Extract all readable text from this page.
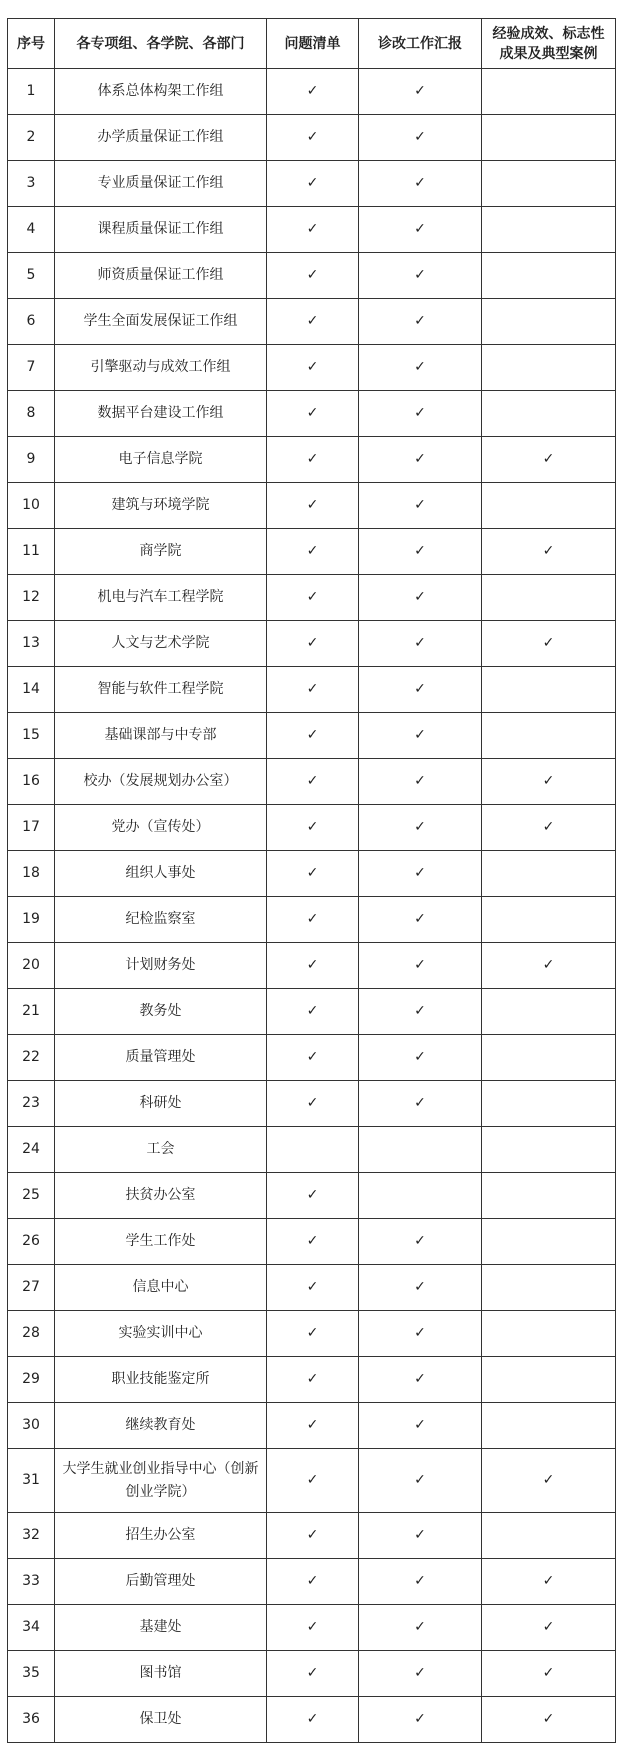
序号	各专项组、各学院、各部门	问题清单	诊改工作汇报	经验成效、标志性成果及典型案例
1	体系总体构架工作组	✓	✓	
2	办学质量保证工作组	✓	✓	
3	专业质量保证工作组	✓	✓	
4	课程质量保证工作组	✓	✓	
5	师资质量保证工作组	✓	✓	
6	学生全面发展保证工作组	✓	✓	
7	引擎驱动与成效工作组	✓	✓	
8	数据平台建设工作组	✓	✓	
9	电子信息学院	✓	✓	✓
10	建筑与环境学院	✓	✓	
11	商学院	✓	✓	✓
12	机电与汽车工程学院	✓	✓	
13	人文与艺术学院	✓	✓	✓
14	智能与软件工程学院	✓	✓	
15	基础课部与中专部	✓	✓	
16	校办（发展规划办公室）	✓	✓	✓
17	党办（宣传处）	✓	✓	✓
18	组织人事处	✓	✓	
19	纪检监察室	✓	✓	
20	计划财务处	✓	✓	✓
21	教务处	✓	✓	
22	质量管理处	✓	✓	
23	科研处	✓	✓	
24	工会			
25	扶贫办公室	✓		
26	学生工作处	✓	✓	
27	信息中心	✓	✓	
28	实验实训中心	✓	✓	
29	职业技能鉴定所	✓	✓	
30	继续教育处	✓	✓	
31	大学生就业创业指导中心（创新创业学院）	✓	✓	✓
32	招生办公室	✓	✓	
33	后勤管理处	✓	✓	✓
34	基建处	✓	✓	✓
35	图书馆	✓	✓	✓
36	保卫处	✓	✓	✓
